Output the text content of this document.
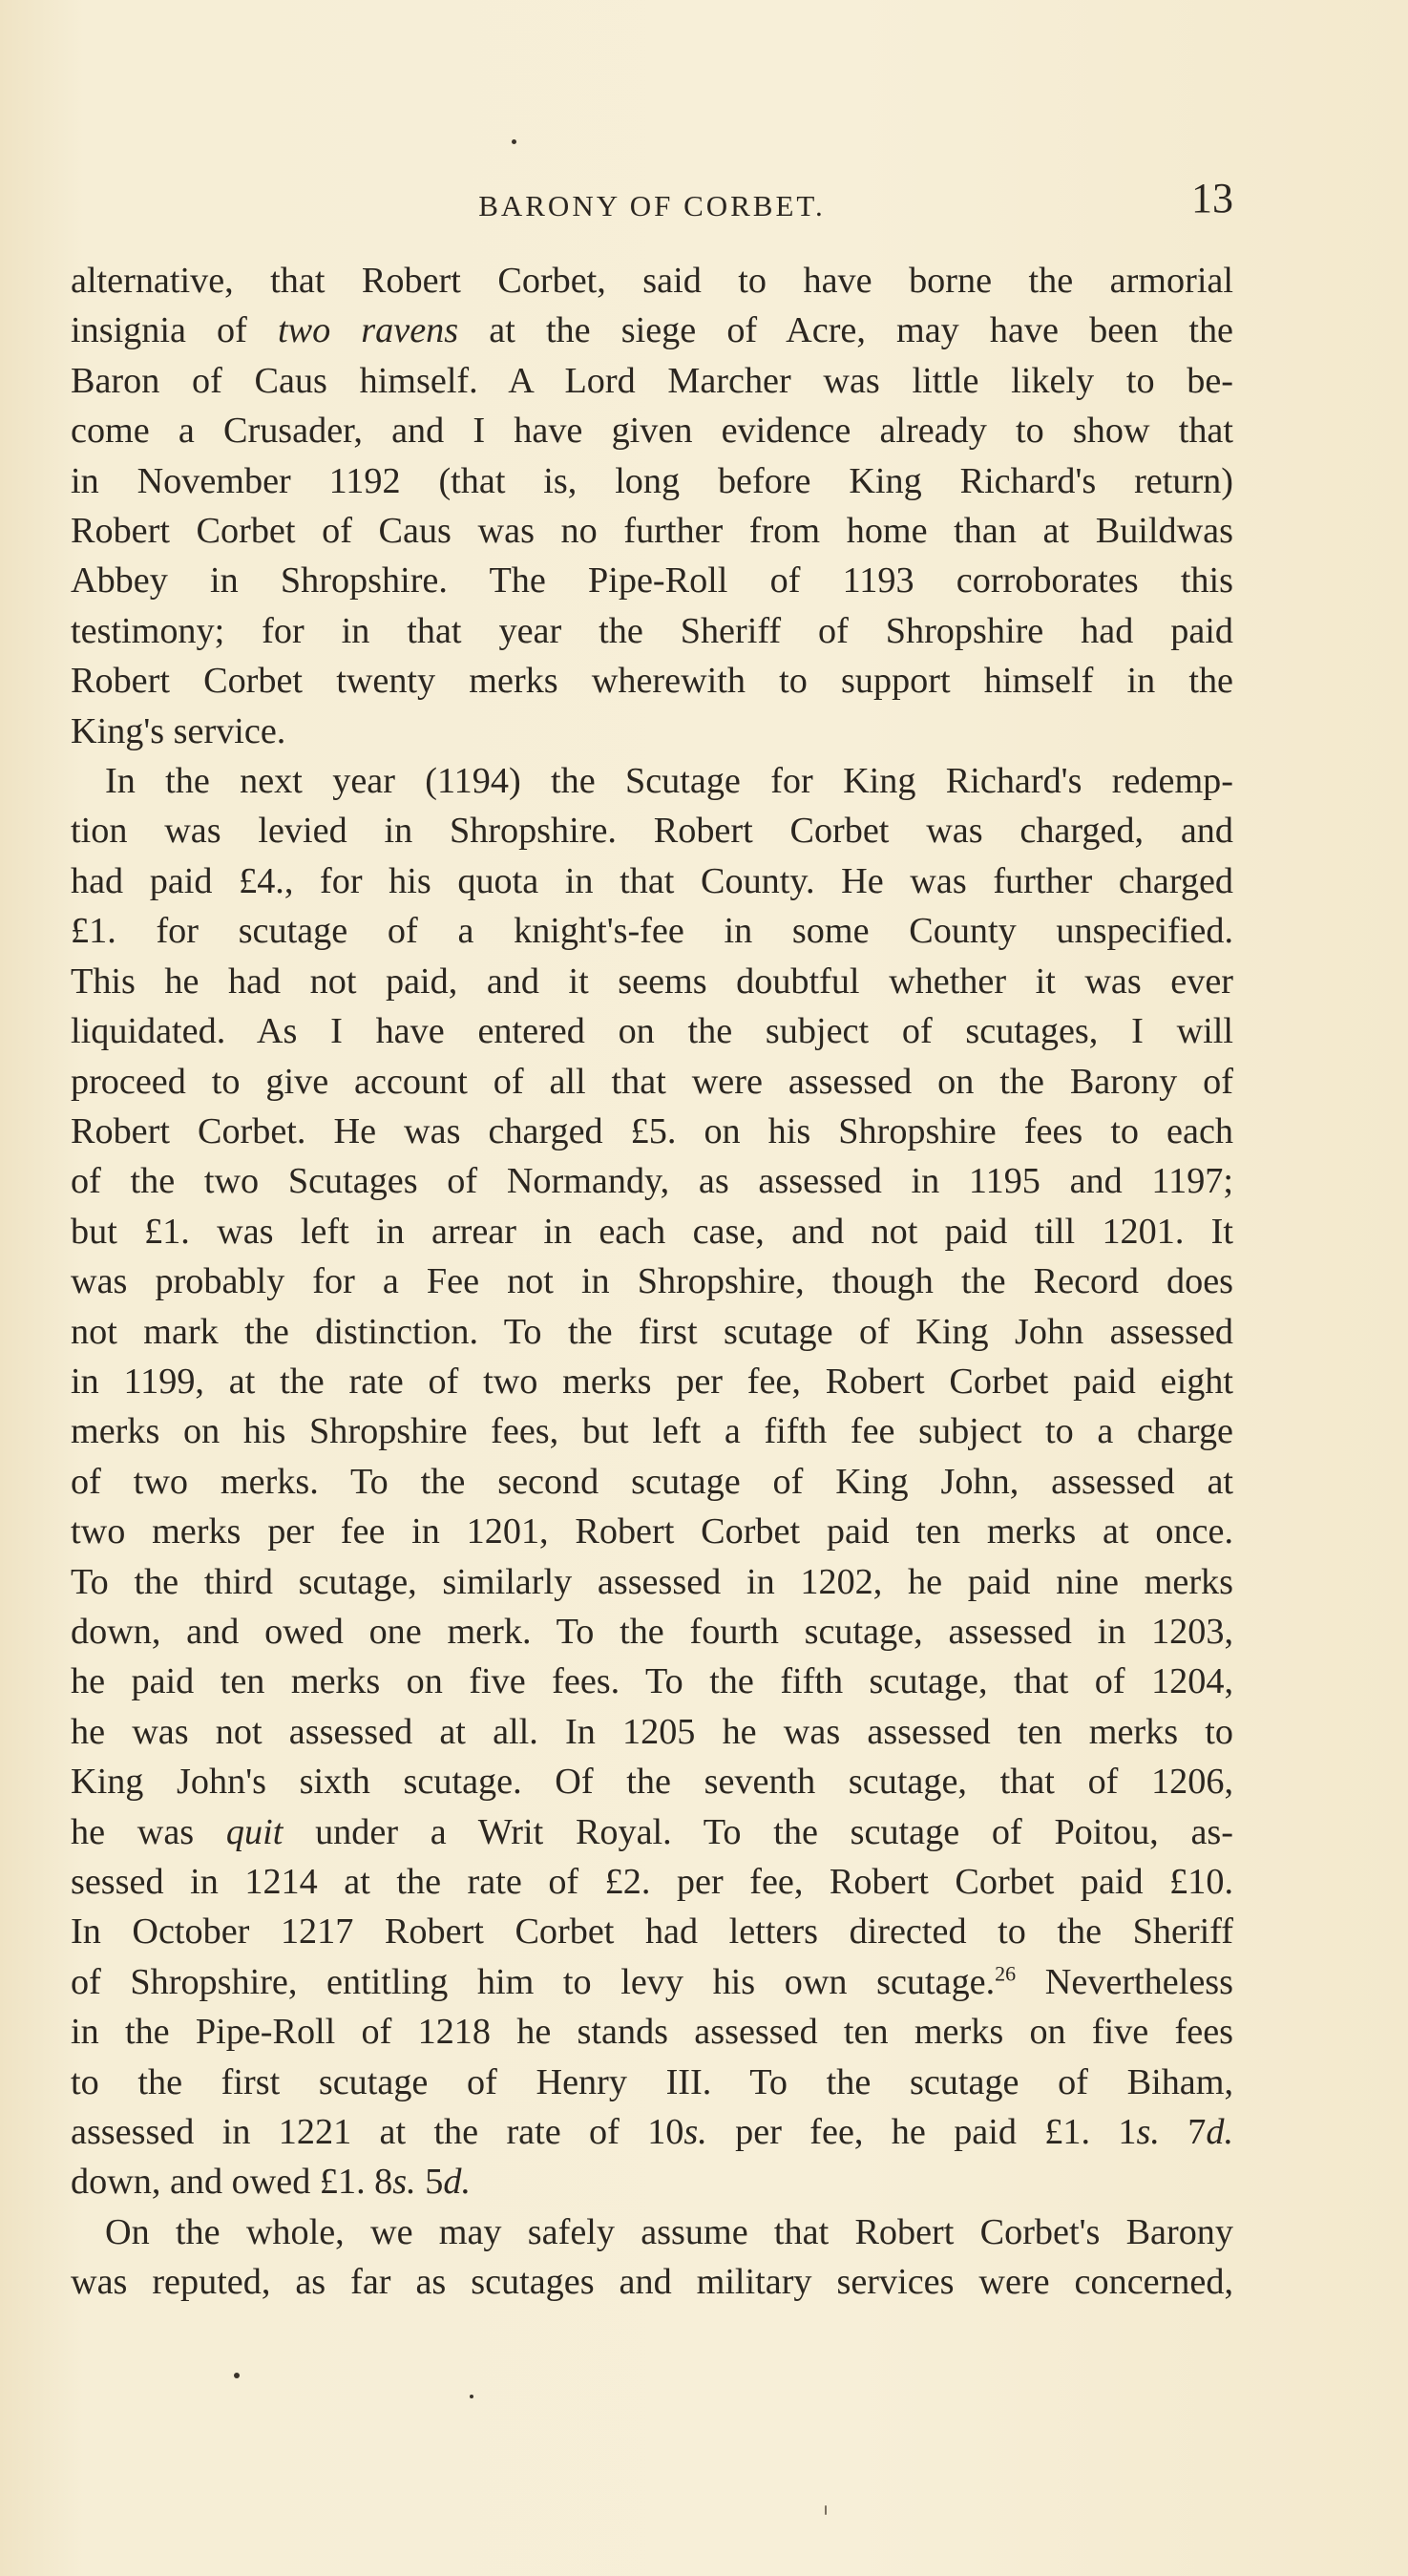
BARONY OF CORBET.	13
alternative, that Robert Corbet, said to have borne the armorial
insignia of two ravens at the siege of Acre, may have been the
Baron of Caus himself. A Lord Marcher was little likely to be-
come a Crusader, and I have given evidence already to show that
in November 1192 (that is, long before King Richard's return)
Robert Corbet of Caus was no further from home than at Buildwas
Abbey in Shropshire. The Pipe-Roll of 1193 corroborates this
testimony; for in that year the Sheriff of Shropshire had paid
Robert Corbet twenty merks wherewith to support himself in the
King's service.
In the next year (1194) the Scutage for King Richard's redemp-
tion was levied in Shropshire. Robert Corbet was charged, and
had paid £4., for his quota in that County. He was further charged
£1. for scutage of a knight's-fee in some County unspecified.
This he had not paid, and it seems doubtful whether it was ever
liquidated. As I have entered on the subject of scutages, I will
proceed to give account of all that were assessed on the Barony of
Robert Corbet. He was charged £5. on his Shropshire fees to each
of the two Scutages of Normandy, as assessed in 1195 and 1197;
but £1. was left in arrear in each case, and not paid till 1201. It
was probably for a Fee not in Shropshire, though the Record does
not mark the distinction. To the first scutage of King John assessed
in 1199, at the rate of two merks per fee, Robert Corbet paid eight
merks on his Shropshire fees, but left a fifth fee subject to a charge
of two merks. To the second scutage of King John, assessed at
two merks per fee in 1201, Robert Corbet paid ten merks at once.
To the third scutage, similarly assessed in 1202, he paid nine merks
down, and owed one merk. To the fourth scutage, assessed in 1203,
he paid ten merks on five fees. To the fifth scutage, that of 1204,
he was not assessed at all. In 1205 he was assessed ten merks to
King John's sixth scutage. Of the seventh scutage, that of 1206,
he was quit under a Writ Royal. To the scutage of Poitou, as-
sessed in 1214 at the rate of £2. per fee, Robert Corbet paid £10.
In October 1217 Robert Corbet had letters directed to the Sheriff
of Shropshire, entitling him to levy his own scutage.$^{26}$ Nevertheless
in the Pipe-Roll of 1218 he stands assessed ten merks on five fees
to the first scutage of Henry III. To the scutage of Biham,
assessed in 1221 at the rate of 10s. per fee, he paid £1. 1s. 7d.
down, and owed £1. 8s. 5d.
On the whole, we may safely assume that Robert Corbet's Barony
was reputed, as far as scutages and military services were concerned,
